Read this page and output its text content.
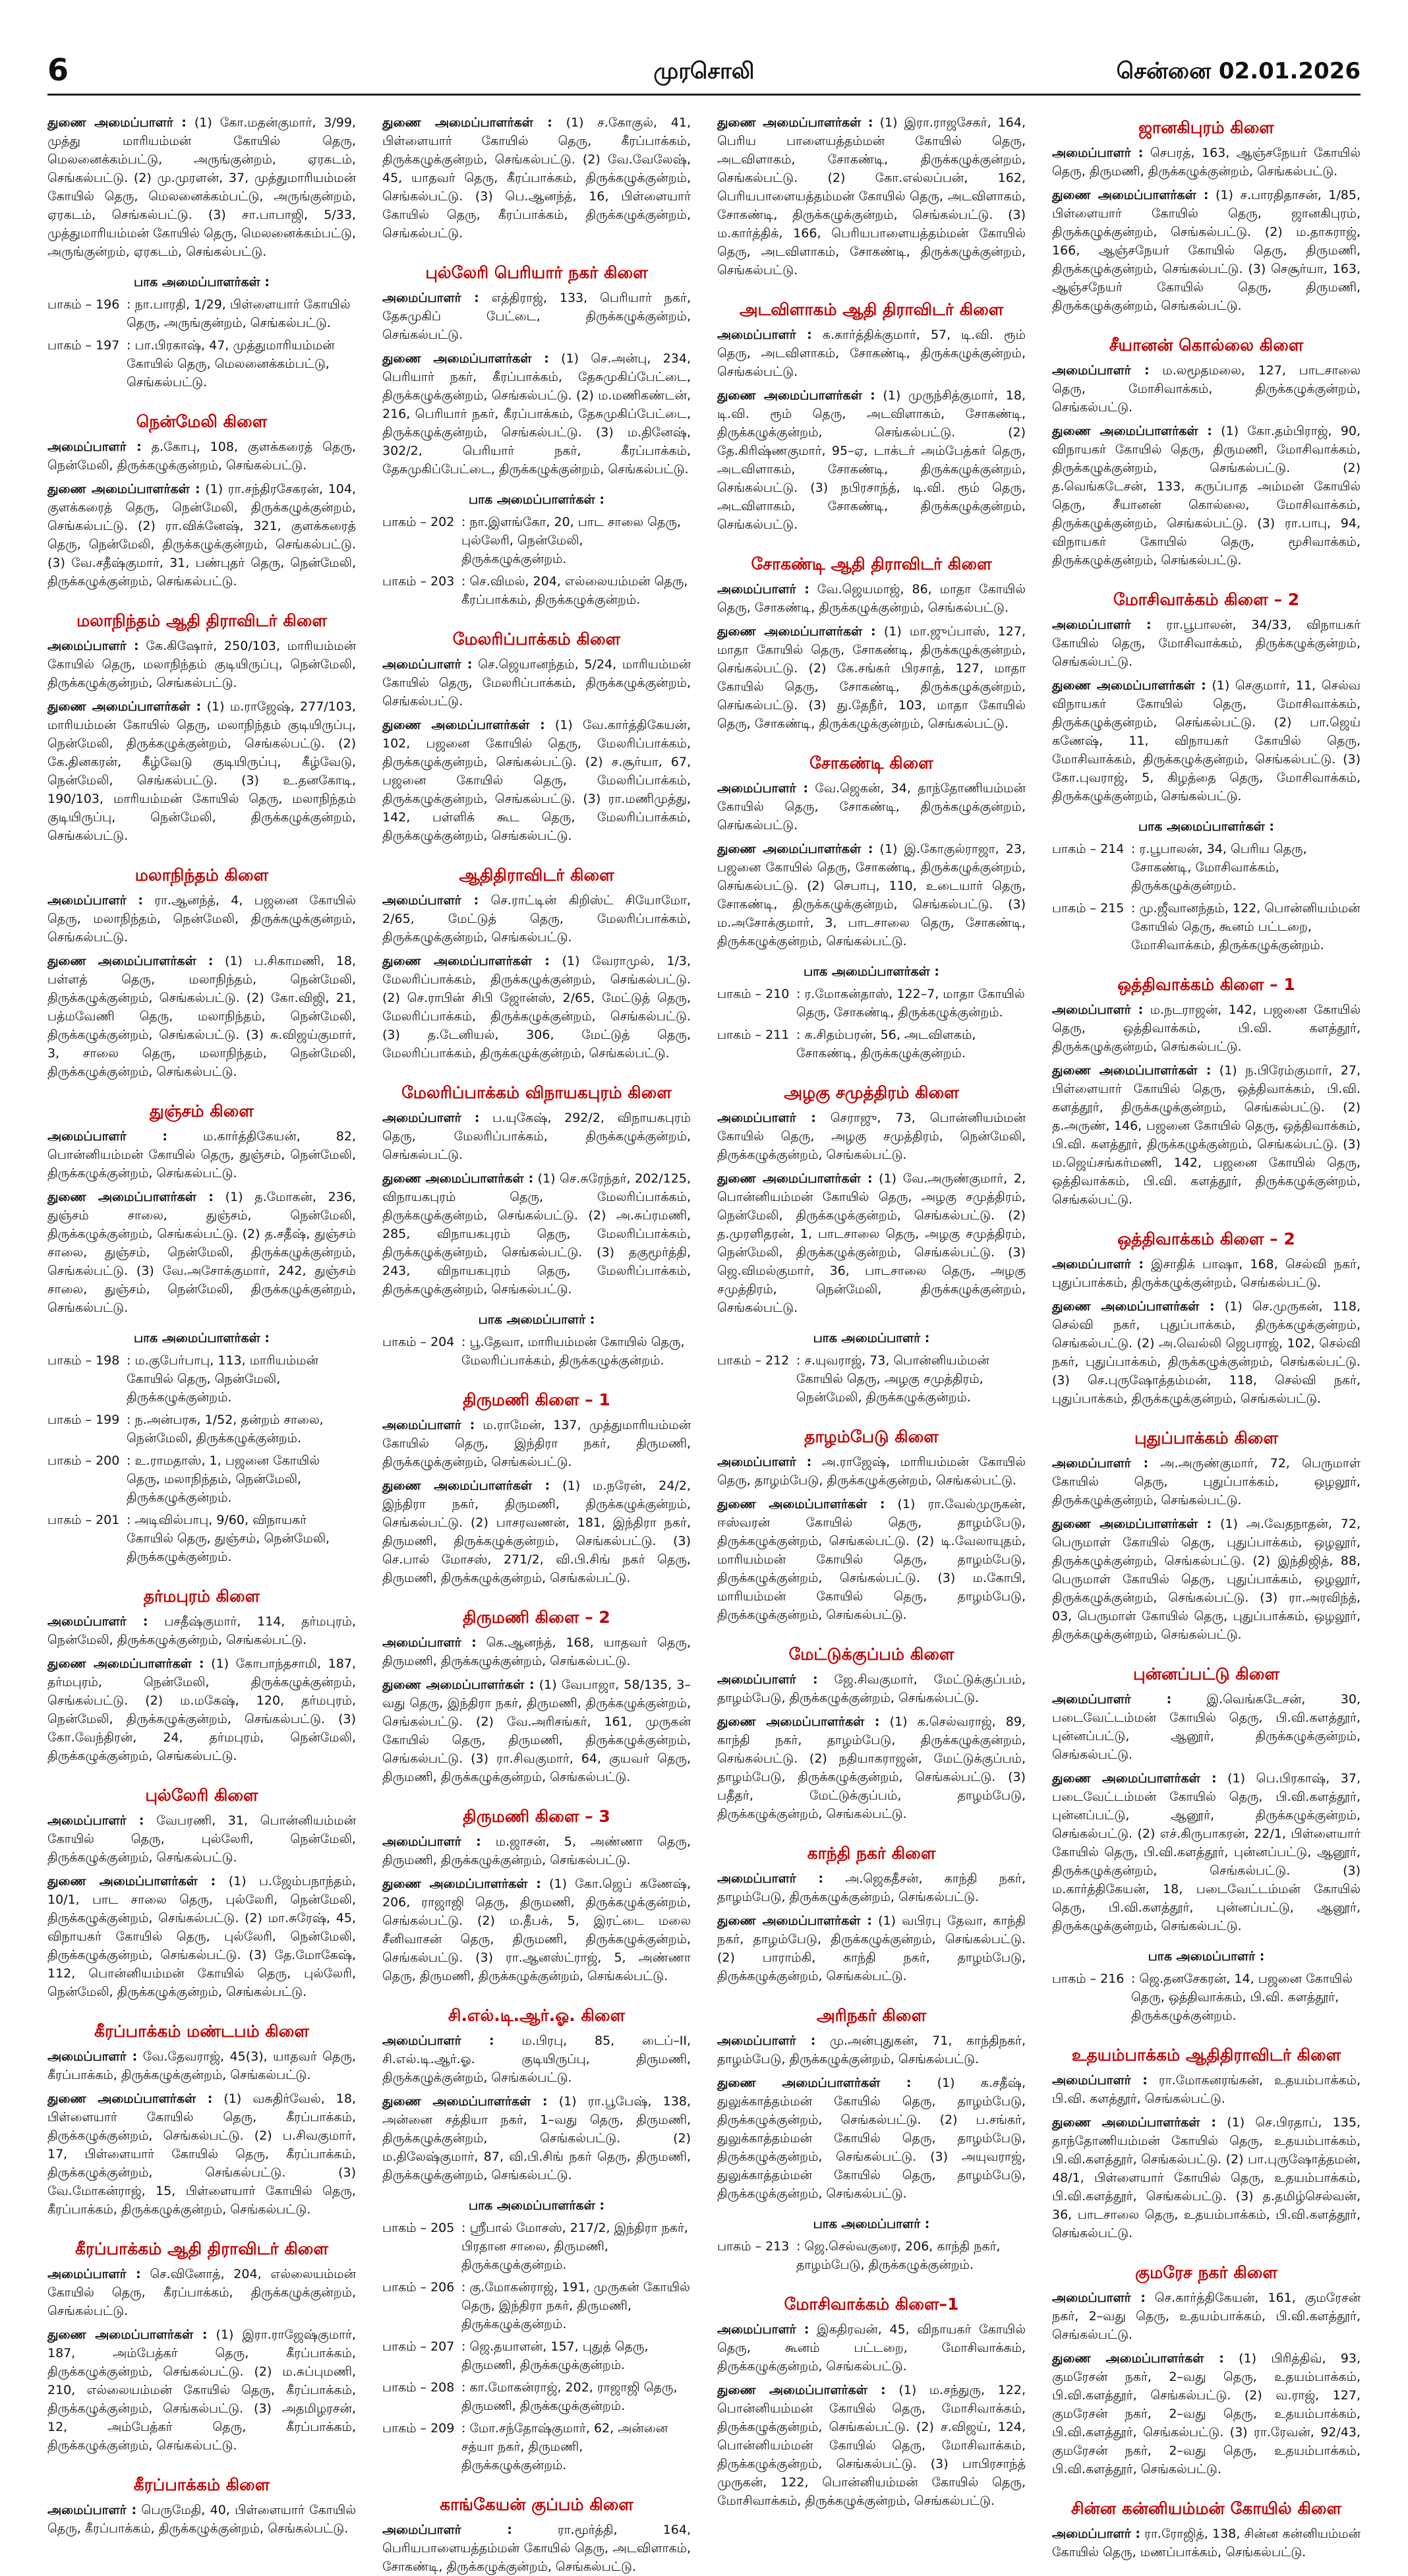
6	முரசொலி	சென்னை 02.01.2026
துணை அமைப்பாளர் : (1) கோ.மதன்குமார், 3/99, முத்து மாரியம்மன் கோயில் தெரு, மெலனைக்கம்பட்டு, அருங்குன்றம், ஏரகடம், செங்கல்பட்டு. (2) மு.முரளன், 37, முத்துமாரியம்மன் கோயில் தெரு, மெலனைக்கம்பட்டு, அருங்குன்றம், ஏரகடம், செங்கல்பட்டு. (3) சா.பாபாஜி, 5/33, முத்துமாரியம்மன் கோயில் தெரு, மெலனைக்கம்பட்டு, அருங்குன்றம், ஏரகடம், செங்கல்பட்டு.
பாக அமைப்பாளர்கள் :
பாகம் – 196 : நா.பாரதி, 1/29, பிள்ளையார் கோயில் தெரு, அருங்குன்றம், செங்கல்பட்டு.
பாகம் – 197 : பா.பிரகாஷ், 47, முத்துமாரியம்மன் கோயில் தெரு, மெலனைக்கம்பட்டு, செங்கல்பட்டு.
நென்மேலி கிளை
அமைப்பாளர் : த.கோபு, 108, குளக்கரைத் தெரு, நென்மேலி, திருக்கழுக்குன்றம், செங்கல்பட்டு.
துணை அமைப்பாளர்கள் : (1) ரா.சந்திரசேகரன், 104, குளக்கரைத் தெரு, நென்மேலி, திருக்கழுக்குன்றம், செங்கல்பட்டு. (2) ரா.விக்னேஷ், 321, குளக்கரைத் தெரு, நென்மேலி, திருக்கழுக்குன்றம், செங்கல்பட்டு. (3) வே.சதீஷ்குமார், 31, பண்புதர் தெரு, நென்மேலி, திருக்கழுக்குன்றம், செங்கல்பட்டு.
மலாநிந்தம் ஆதி திராவிடர் கிளை
அமைப்பாளர் : கே.கிஷோர், 250/103, மாரியம்மன் கோயில் தெரு, மலாநிந்தம் குடியிருப்பு, நென்மேலி, திருக்கழுக்குன்றம், செங்கல்பட்டு.
துணை அமைப்பாளர்கள் : (1) ம.ராஜேஷ், 277/103, மாரியம்மன் கோயில் தெரு, மலாநிந்தம் குடியிருப்பு, நென்மேலி, திருக்கழுக்குன்றம், செங்கல்பட்டு. (2) கே.தினகரன், கீழ்வேடு குடியிருப்பு, கீழ்வேடு, நென்மேலி, செங்கல்பட்டு. (3) உ.தனகோடி, 190/103, மாரியம்மன் கோயில் தெரு, மலாநிந்தம் குடியிருப்பு, நென்மேலி, திருக்கழுக்குன்றம், செங்கல்பட்டு.
மலாநிந்தம் கிளை
அமைப்பாளர் : ரா.ஆனந்த், 4, பஜனை கோயில் தெரு, மலாநிந்தம், நென்மேலி, திருக்கழுக்குன்றம், செங்கல்பட்டு.
துணை அமைப்பாளர்கள் : (1) ப.சிகாமணி, 18, பள்ளத் தெரு, மலாநிந்தம், நென்மேலி, திருக்கழுக்குன்றம், செங்கல்பட்டு. (2) கோ.விஜி, 21, பத்மவேணி தெரு, மலாநிந்தம், நென்மேலி, திருக்கழுக்குன்றம், செங்கல்பட்டு. (3) சு.விஜய்குமார், 3, சாலை தெரு, மலாநிந்தம், நென்மேலி, திருக்கழுக்குன்றம், செங்கல்பட்டு.
துஞ்சம் கிளை
அமைப்பாளர் :	ம.கார்த்திகேயன், 82, பொன்னியம்மன் கோயில் தெரு, துஞ்சம், நென்மேலி, திருக்கழுக்குன்றம், செங்கல்பட்டு.
துணை அமைப்பாளர்கள் : (1) த.மோகன், 236, துஞ்சம் சாலை, துஞ்சம், நென்மேலி, திருக்கழுக்குன்றம், செங்கல்பட்டு. (2) த.சதீஷ், துஞ்சம் சாலை, துஞ்சம், நென்மேலி, திருக்கழுக்குன்றம், செங்கல்பட்டு. (3) வே.அசோக்குமார், 242, துஞ்சம் சாலை, துஞ்சம், நென்மேலி, திருக்கழுக்குன்றம், செங்கல்பட்டு.
பாக அமைப்பாளர்கள் :
பாகம் – 198 : ம.குபேர்பாபு, 113, மாரியம்மன் கோயில் தெரு, நென்மேலி, திருக்கழுக்குன்றம்.
பாகம் – 199 : ந.அன்பரசு, 1/52, தன்றம் சாலை, நென்மேலி, திருக்கழுக்குன்றம்.
பாகம் – 200 : உ.ராமதாஸ், 1, பஜனை கோயில் தெரு, மலாநிந்தம், நென்மேலி, திருக்கழுக்குன்றம்.
பாகம் – 201 : அடிவில்பாபு, 9/60, விநாயகர் கோயில் தெரு, துஞ்சம், நென்மேலி, திருக்கழுக்குன்றம்.
தர்மபுரம் கிளை
அமைப்பாளர் : பசதீஷ்குமார், 114, தர்மபுரம், நென்மேலி, திருக்கழுக்குன்றம், செங்கல்பட்டு.
துணை அமைப்பாளர்கள் : (1) கோபாந்தசாமி, 187, தர்மபுரம், நென்மேலி, திருக்கழுக்குன்றம், செங்கல்பட்டு. (2) ம.மகேஷ், 120, தர்மபுரம், நென்மேலி, திருக்கழுக்குன்றம், செங்கல்பட்டு. (3) கோ.வேந்திரன், 24, தர்மபுரம், நென்மேலி, திருக்கழுக்குன்றம், செங்கல்பட்டு.
புல்லேரி கிளை
அமைப்பாளர் : வேபரணி, 31, பொன்னியம்மன் கோயில் தெரு, புல்லேரி, நென்மேலி, திருக்கழுக்குன்றம், செங்கல்பட்டு.
துணை அமைப்பாளர்கள் : (1) ப.ஜேம்பநாந்தம், 10/1, பாட சாலை தெரு, புல்லேரி, நென்மேலி, திருக்கழுக்குன்றம், செங்கல்பட்டு. (2) மா.சுரேஷ், 45, விநாயகர் கோயில் தெரு, புல்லேரி, நென்மேலி, திருக்கழுக்குன்றம், செங்கல்பட்டு. (3) தே.மோகேஷ், 112, பொன்னியம்மன் கோயில் தெரு, புல்லேரி, நென்மேலி, திருக்கழுக்குன்றம், செங்கல்பட்டு.
கீரப்பாக்கம் மண்டபம் கிளை
அமைப்பாளர் : வே.தேவராஜ், 45(3), யாதவர் தெரு, கீரப்பாக்கம், திருக்கழுக்குன்றம், செங்கல்பட்டு.
துணை அமைப்பாளர்கள் : (1) வசுதிர்வேல், 18, பிள்ளையார் கோயில் தெரு, கீரப்பாக்கம், திருக்கழுக்குன்றம், செங்கல்பட்டு. (2) ப.சிவகுமார், 17, பிள்ளையார் கோயில் தெரு, கீரப்பாக்கம், திருக்கழுக்குன்றம், செங்கல்பட்டு. (3) வே.மோகன்ராஜ், 15, பிள்ளையார் கோயில் தெரு, கீரப்பாக்கம், திருக்கழுக்குன்றம், செங்கல்பட்டு.
கீரப்பாக்கம் ஆதி திராவிடர் கிளை
அமைப்பாளர் : செ.வினோத், 204, எல்லையம்மன் கோயில் தெரு, கீரப்பாக்கம், திருக்கழுக்குன்றம், செங்கல்பட்டு.
துணை அமைப்பாளர்கள் : (1) இரா.ராஜேஷ்குமார், 187, அம்பேத்கர் தெரு, கீரப்பாக்கம், திருக்கழுக்குன்றம், செங்கல்பட்டு. (2) ம.சுப்புமணி, 210, எல்லையம்மன் கோயில் தெரு, கீரப்பாக்கம், திருக்கழுக்குன்றம், செங்கல்பட்டு. (3) அதமிழரசன், 12, அம்பேத்கர் தெரு, கீரப்பாக்கம், திருக்கழுக்குன்றம், செங்கல்பட்டு.
கீரப்பாக்கம் கிளை
அமைப்பாளர் : பெருமேதி, 40, பிள்ளையார் கோயில் தெரு, கீரப்பாக்கம், திருக்கழுக்குன்றம், செங்கல்பட்டு.
துணை அமைப்பாளர்கள் : (1) ச.கோகுல், 41, பிள்ளையார் கோயில் தெரு, கீரப்பாக்கம், திருக்கழுக்குன்றம், செங்கல்பட்டு. (2) வே.வேலேஷ், 45, யாதவர் தெரு, கீரப்பாக்கம், திருக்கழுக்குன்றம், செங்கல்பட்டு. (3) பெ.ஆனந்த், 16, பிள்ளையார் கோயில் தெரு, கீரப்பாக்கம், திருக்கழுக்குன்றம், செங்கல்பட்டு.
புல்லேரி பெரியார் நகர் கிளை
அமைப்பாளர் : எத்திராஜ், 133, பெரியார் நகர், தேசுமுகிப் பேட்டை, திருக்கழுக்குன்றம், செங்கல்பட்டு.
துணை அமைப்பாளர்கள் : (1) செ.அன்பு, 234, பெரியார் நகர், கீரப்பாக்கம், தேசுமுகிப்பேட்டை, திருக்கழுக்குன்றம், செங்கல்பட்டு. (2) ம.மணிகண்டன், 216, பெரியார் நகர், கீரப்பாக்கம், தேசுமுகிப்பேட்டை, திருக்கழுக்குன்றம், செங்கல்பட்டு. (3) ம.தினேஷ், 302/2, பெரியார் நகர், கீரப்பாக்கம், தேசுமுகிப்பேட்டை, திருக்கழுக்குன்றம், செங்கல்பட்டு.
பாக அமைப்பாளர்கள் :
பாகம் – 202 : நா.இளங்கோ, 20, பாட சாலை தெரு, புல்லேரி, நென்மேலி, திருக்கழுக்குன்றம்.
பாகம் – 203 : செ.விமல், 204, எல்லையம்மன் தெரு, கீரப்பாக்கம், திருக்கழுக்குன்றம்.
மேலரிப்பாக்கம் கிளை
அமைப்பாளர் : செ.ஜெயானந்தம், 5/24, மாரியம்மன் கோயில் தெரு, மேலரிப்பாக்கம், திருக்கழுக்குன்றம், செங்கல்பட்டு.
துணை அமைப்பாளர்கள் : (1) வே.கார்த்திகேயன், 102, பஜனை கோயில் தெரு, மேலரிப்பாக்கம், திருக்கழுக்குன்றம், செங்கல்பட்டு. (2) ச.சூர்யா, 67, பஜனை கோயில் தெரு, மேலரிப்பாக்கம், திருக்கழுக்குன்றம், செங்கல்பட்டு. (3) ரா.மணிமுத்து, 142, பள்ளிக் கூட தெரு, மேலரிப்பாக்கம், திருக்கழுக்குன்றம், செங்கல்பட்டு.
ஆதிதிராவிடர் கிளை
அமைப்பாளர் : செ.ராட்டின் கிறிஸ்ட் சியோமோ, 2/65, மேட்டுத் தெரு, மேலரிப்பாக்கம், திருக்கழுக்குன்றம், செங்கல்பட்டு.
துணை அமைப்பாளர்கள் : (1) வேராமுல், 1/3, மேலரிப்பாக்கம், திருக்கழுக்குன்றம், செங்கல்பட்டு. (2) செ.ராபின் சிபி ஜோன்ஸ், 2/65, மேட்டுத் தெரு, மேலரிப்பாக்கம், திருக்கழுக்குன்றம், செங்கல்பட்டு. (3) த.டேனியல், 306, மேட்டுத் தெரு, மேலரிப்பாக்கம், திருக்கழுக்குன்றம், செங்கல்பட்டு.
மேலரிப்பாக்கம் விநாயகபுரம் கிளை
அமைப்பாளர் : ப.யுகேஷ், 292/2, விநாயகபுரம் தெரு, மேலரிப்பாக்கம், திருக்கழுக்குன்றம், செங்கல்பட்டு.
துணை அமைப்பாளர்கள் : (1) செ.சுரேந்தர், 202/125, விநாயகபுரம் தெரு, மேலரிப்பாக்கம், திருக்கழுக்குன்றம், செங்கல்பட்டு. (2) அ.சுப்ரமணி, 285, விநாயகபுரம் தெரு, மேலரிப்பாக்கம், திருக்கழுக்குன்றம், செங்கல்பட்டு. (3) தகுமூர்த்தி, 243, விநாயகபுரம் தெரு, மேலரிப்பாக்கம், திருக்கழுக்குன்றம், செங்கல்பட்டு.
பாக அமைப்பாளர் :
பாகம் – 204 : பூ.தேவா, மாரியம்மன் கோயில் தெரு, மேலரிப்பாக்கம், திருக்கழுக்குன்றம்.
திருமணி கிளை – 1
அமைப்பாளர் : ம.ராமேன், 137, முத்துமாரியம்மன் கோயில் தெரு, இந்திரா நகர், திருமணி, திருக்கழுக்குன்றம், செங்கல்பட்டு.
துணை அமைப்பாளர்கள் : (1) ம.நரேன், 24/2, இந்திரா நகர், திருமணி, திருக்கழுக்குன்றம், செங்கல்பட்டு. (2) பாசரவணன், 181, இந்திரா நகர், திருமணி, திருக்கழுக்குன்றம், செங்கல்பட்டு. (3) செ.பால் மோசஸ், 271/2, வி.பி.சிங் நகர் தெரு, திருமணி, திருக்கழுக்குன்றம், செங்கல்பட்டு.
திருமணி கிளை – 2
அமைப்பாளர் : கெ.ஆனந்த், 168, யாதவர் தெரு, திருமணி, திருக்கழுக்குன்றம், செங்கல்பட்டு.
துணை அமைப்பாளர்கள் : (1) வேபாஜா, 58/135, 3–வது தெரு, இந்திரா நகர், திருமணி, திருக்கழுக்குன்றம், செங்கல்பட்டு. (2) வே.அரிசங்கர், 161, முருகன் கோயில் தெரு, திருமணி, திருக்கழுக்குன்றம், செங்கல்பட்டு. (3) ரா.சிவகுமார், 64, குயவர் தெரு, திருமணி, திருக்கழுக்குன்றம், செங்கல்பட்டு.
திருமணி கிளை – 3
அமைப்பாளர் : ம.ஜாசன், 5, அண்ணா தெரு, திருமணி, திருக்கழுக்குன்றம், செங்கல்பட்டு.
துணை அமைப்பாளர்கள் : (1) கோ.ஜெப் கணேஷ், 206, ராஜாஜி தெரு, திருமணி, திருக்கழுக்குன்றம், செங்கல்பட்டு. (2) ம.தீபக், 5, இரட்டை மலை சீனிவாசன் தெரு, திருமணி, திருக்கழுக்குன்றம், செங்கல்பட்டு. (3) ரா.ஆனஸ்ட்ராஜ், 5, அண்ணா தெரு, திருமணி, திருக்கழுக்குன்றம், செங்கல்பட்டு.
சி.எல்.டி.ஆர்.ஓ. கிளை
அமைப்பாளர் : ம.பிரபு, 85, டைப்–II, சி.எல்.டி.ஆர்.ஓ. குடியிருப்பு, திருமணி, திருக்கழுக்குன்றம், செங்கல்பட்டு.
துணை அமைப்பாளர்கள் : (1) ரா.பூபேஷ், 138, அன்னை சத்தியா நகர், 1–வது தெரு, திருமணி, திருக்கழுக்குன்றம், செங்கல்பட்டு. (2) ம.திலேஷ்குமார், 87, வி.பி.சிங் நகர் தெரு, திருமணி, திருக்கழுக்குன்றம், செங்கல்பட்டு.
பாக அமைப்பாளர்கள் :
பாகம் – 205 : ஸ்ரீபால் மோசஸ், 217/2, இந்திரா நகர், பிரதான சாலை, திருமணி, திருக்கழுக்குன்றம்.
பாகம் – 206 : கு.மோகன்ராஜ், 191, முருகன் கோயில் தெரு, இந்திரா நகர், திருமணி, திருக்கழுக்குன்றம்.
பாகம் – 207 : ஜெ.தயாளன், 157, புதுத் தெரு, திருமணி, திருக்கழுக்குன்றம்.
பாகம் – 208 : கா.மோகன்ராஜ், 202, ராஜாஜி தெரு, திருமணி, திருக்கழுக்குன்றம்.
பாகம் – 209 : மோ.சந்தோஷ்குமார், 62, அன்னை சத்யா நகர், திருமணி, திருக்கழுக்குன்றம்.
காங்கேயன் குப்பம் கிளை
அமைப்பாளர் :	ரா.மூர்த்தி, 164, பெரியபாளையத்தம்மன் கோயில் தெரு, அடவிளாகம், சோகண்டி, திருக்கழுக்குன்றம், செங்கல்பட்டு.
துணை அமைப்பாளர்கள் : (1) இரா.ராஜசேகர், 164, பெரிய பாளையத்தம்மன் கோயில் தெரு, அடவிளாகம், சோகண்டி, திருக்கழுக்குன்றம், செங்கல்பட்டு. (2) கோ.எல்லப்பன், 162, பெரியபாளையத்தம்மன் கோயில் தெரு, அடவிளாகம், சோகண்டி, திருக்கழுக்குன்றம், செங்கல்பட்டு. (3) ம.கார்த்திக், 166, பெரியபாளையத்தம்மன் கோயில் தெரு, அடவிளாகம், சோகண்டி, திருக்கழுக்குன்றம், செங்கல்பட்டு.
அடவிளாகம் ஆதி திராவிடர் கிளை
அமைப்பாளர் : க.கார்த்திக்குமார், 57, டி.வி. ரூம் தெரு, அடவிளாகம், சோகண்டி, திருக்கழுக்குன்றம், செங்கல்பட்டு.
துணை அமைப்பாளர்கள் : (1) முருந்சித்குமார், 18, டி.வி. ரூம் தெரு, அடவிளாகம், சோகண்டி, திருக்கழுக்குன்றம், செங்கல்பட்டு. (2) தே.கிரிஷ்ணகுமார், 95–ஏ, டாக்டர் அம்பேத்கர் தெரு, அடவிளாகம், சோகண்டி, திருக்கழுக்குன்றம், செங்கல்பட்டு. (3) நபிரசாந்த், டி.வி. ரூம் தெரு, அடவிளாகம், சோகண்டி, திருக்கழுக்குன்றம், செங்கல்பட்டு.
சோகண்டி ஆதி திராவிடர் கிளை
அமைப்பாளர் : வே.ஜெயமாஜ், 86, மாதா கோயில் தெரு, சோகண்டி, திருக்கழுக்குன்றம், செங்கல்பட்டு.
துணை அமைப்பாளர்கள் : (1) மா.ஜுப்பாஸ், 127, மாதா கோயில் தெரு, சோகண்டி, திருக்கழுக்குன்றம், செங்கல்பட்டு. (2) கே.சங்கர் பிரசாத், 127, மாதா கோயில் தெரு, சோகண்டி, திருக்கழுக்குன்றம், செங்கல்பட்டு. (3) து.தேநீர், 103, மாதா கோயில் தெரு, சோகண்டி, திருக்கழுக்குன்றம், செங்கல்பட்டு.
சோகண்டி கிளை
அமைப்பாளர் : வே.ஜெகன், 34, தாந்தோணியம்மன் கோயில் தெரு, சோகண்டி, திருக்கழுக்குன்றம், செங்கல்பட்டு.
துணை அமைப்பாளர்கள் : (1) இ.கோகுல்ராஜா, 23, பஜனை கோயில் தெரு, சோகண்டி, திருக்கழுக்குன்றம், செங்கல்பட்டு. (2) செபாபு, 110, உடையார் தெரு, சோகண்டி, திருக்கழுக்குன்றம், செங்கல்பட்டு. (3) ம.அசோக்குமார், 3, பாடசாலை தெரு, சோகண்டி, திருக்கழுக்குன்றம், செங்கல்பட்டு.
பாக அமைப்பாளர்கள் :
பாகம் – 210 : ர.மோகன்தாஸ், 122–7, மாதா கோயில் தெரு, சோகண்டி, திருக்கழுக்குன்றம்.
பாகம் – 211 : க.சிதம்பரன், 56, அடவிளகம், சோகண்டி, திருக்கழுக்குன்றம்.
அழகு சமுத்திரம் கிளை
அமைப்பாளர் : செராஜு, 73, பொன்னியம்மன் கோயில் தெரு, அழகு சமுத்திரம், நென்மேலி, திருக்கழுக்குன்றம், செங்கல்பட்டு.
துணை அமைப்பாளர்கள் : (1) வே.அருண்குமார், 2, பொன்னியம்மன் கோயில் தெரு, அழகு சமுத்திரம், நென்மேலி, திருக்கழுக்குன்றம், செங்கல்பட்டு. (2) த.முரளிதரன், 1, பாடசாலை தெரு, அழகு சமுத்திரம், நென்மேலி, திருக்கழுக்குன்றம், செங்கல்பட்டு. (3) ஜெ.விமல்குமார், 36, பாடசாலை தெரு, அழகு சமுத்திரம், நென்மேலி, திருக்கழுக்குன்றம், செங்கல்பட்டு.
பாக அமைப்பாளர் :
பாகம் – 212 : ச.யுவராஜ், 73, பொன்னியம்மன் கோயில் தெரு, அழகு சமுத்திரம், நென்மேலி, திருக்கழுக்குன்றம்.
தாழம்பேடு கிளை
அமைப்பாளர் : அ.ராஜேஷ், மாரியம்மன் கோயில் தெரு, தாழம்பேடு, திருக்கழுக்குன்றம், செங்கல்பட்டு.
துணை அமைப்பாளர்கள் : (1) ரா.வேல்முருகன், ஈஸ்வரன் கோயில் தெரு, தாழம்பேடு, திருக்கழுக்குன்றம், செங்கல்பட்டு. (2) டி.வேலாயுதம், மாரியம்மன் கோயில் தெரு, தாழம்பேடு, திருக்கழுக்குன்றம், செங்கல்பட்டு. (3) ம.கோபி, மாரியம்மன் கோயில் தெரு, தாழம்பேடு, திருக்கழுக்குன்றம், செங்கல்பட்டு.
மேட்டுக்குப்பம் கிளை
அமைப்பாளர் : ஜே.சிவகுமார், மேட்டுக்குப்பம், தாழம்பேடு, திருக்கழுக்குன்றம், செங்கல்பட்டு.
துணை அமைப்பாளர்கள் : (1) க.செல்வராஜ், 89, காந்தி நகர், தாழம்பேடு, திருக்கழுக்குன்றம், செங்கல்பட்டு. (2) நதியாகராஜன், மேட்டுக்குப்பம், தாழம்பேடு, திருக்கழுக்குன்றம், செங்கல்பட்டு. (3) பதீதர், மேட்டுக்குப்பம், தாழம்பேடு, திருக்கழுக்குன்றம், செங்கல்பட்டு.
காந்தி நகர் கிளை
அமைப்பாளர் : அ.ஜெகதீசன், காந்தி நகர், தாழம்பேடு, திருக்கழுக்குன்றம், செங்கல்பட்டு.
துணை அமைப்பாளர்கள் : (1) வபிரபு தேவா, காந்தி நகர், தாழம்பேடு, திருக்கழுக்குன்றம், செங்கல்பட்டு. (2) பாராம்கி, காந்தி நகர், தாழம்பேடு, திருக்கழுக்குன்றம், செங்கல்பட்டு.
அரிநகர் கிளை
அமைப்பாளர் : மு.அன்புதுகன், 71, காந்திநகர், தாழம்பேடு, திருக்கழுக்குன்றம், செங்கல்பட்டு.
துணை அமைப்பாளர்கள் : (1) க.சதீஷ், துலுக்காத்தம்மன் கோயில் தெரு, தாழம்பேடு, திருக்கழுக்குன்றம், செங்கல்பட்டு. (2) ப.சங்கர், துலுக்காத்தம்மன் கோயில் தெரு, தாழம்பேடு, திருக்கழுக்குன்றம், செங்கல்பட்டு. (3) அயுவராஜ், துலுக்காத்தம்மன் கோயில் தெரு, தாழம்பேடு, திருக்கழுக்குன்றம், செங்கல்பட்டு.
பாக அமைப்பாளர் :
பாகம் – 213 : ஜெ.செல்வகுரை, 206, காந்தி நகர், தாழம்பேடு, திருக்கழுக்குன்றம்.
மோசிவாக்கம் கிளை–1
அமைப்பாளர் : இகதிரவன், 45, விநாயகர் கோயில் தெரு, கூனம் பட்டறை, மோசிவாக்கம், திருக்கழுக்குன்றம், செங்கல்பட்டு.
துணை அமைப்பாளர்கள் : (1) ம.சந்துரு, 122, பொன்னியம்மன் கோயில் தெரு, மோசிவாக்கம், திருக்கழுக்குன்றம், செங்கல்பட்டு. (2) ச.விஜய், 124, பொன்னியம்மன் கோயில் தெரு, மோசிவாக்கம், திருக்கழுக்குன்றம், செங்கல்பட்டு. (3) பாபிரசாந்த் முருகன், 122, பொன்னியம்மன் கோயில் தெரு, மோசிவாக்கம், திருக்கழுக்குன்றம், செங்கல்பட்டு.
ஜானகிபுரம் கிளை
அமைப்பாளர் : செபரத், 163, ஆஞ்சநேயர் கோயில் தெரு, திருமணி, திருக்கழுக்குன்றம், செங்கல்பட்டு.
துணை அமைப்பாளர்கள் : (1) ச.பாரதிதாசன், 1/85, பிள்ளையார் கோயில் தெரு, ஜானகிபுரம், திருக்கழுக்குன்றம், செங்கல்பட்டு. (2) ம.தாசுராஜ், 166, ஆஞ்சநேயர் கோயில் தெரு, திருமணி, திருக்கழுக்குன்றம், செங்கல்பட்டு. (3) செசூர்யா, 163, ஆஞ்சநேயர் கோயில் தெரு, திருமணி, திருக்கழுக்குன்றம், செங்கல்பட்டு.
சீயானன் கொல்லை கிளை
அமைப்பாளர் : ம.லமூதமலை, 127, பாடசாலை தெரு, மோசிவாக்கம், திருக்கழுக்குன்றம், செங்கல்பட்டு.
துணை அமைப்பாளர்கள் : (1) கோ.தம்பிராஜ், 90, விநாயகர் கோயில் தெரு, திருமணி, மோசிவாக்கம், திருக்கழுக்குன்றம், செங்கல்பட்டு. (2) த.வெங்கடேசன், 133, கருப்பாத அம்மன் கோயில் தெரு, சீயானன் கொல்லை, மோசிவாக்கம், திருக்கழுக்குன்றம், செங்கல்பட்டு. (3) ரா.பாபு, 94, விநாயகர் கோயில் தெரு, மூசிவாக்கம், திருக்கழுக்குன்றம், செங்கல்பட்டு.
மோசிவாக்கம் கிளை – 2
அமைப்பாளர் : ரா.பூபாலன், 34/33, விநாயகர் கோயில் தெரு, மோசிவாக்கம், திருக்கழுக்குன்றம், செங்கல்பட்டு.
துணை அமைப்பாளர்கள் : (1) செகுமார், 11, செல்வ விநாயகர் கோயில் தெரு, மோசிவாக்கம், திருக்கழுக்குன்றம், செங்கல்பட்டு. (2) பா.ஜெய் கணேஷ், 11, விநாயகர் கோயில் தெரு, மோசிவாக்கம், திருக்கழுக்குன்றம், செங்கல்பட்டு. (3) கோ.புவராஜ், 5, கிழத்தை தெரு, மோசிவாக்கம், திருக்கழுக்குன்றம், செங்கல்பட்டு.
பாக அமைப்பாளர்கள் :
பாகம் – 214 : ர.பூபாலன், 34, பெரிய தெரு, சோகண்டி, மோசிவாக்கம், திருக்கழுக்குன்றம்.
பாகம் – 215 : மு.ஜீவானந்தம், 122, பொன்னியம்மன் கோயில் தெரு, கூனம் பட்டறை, மோசிவாக்கம், திருக்கழுக்குன்றம்.
ஒத்திவாக்கம் கிளை – 1
அமைப்பாளர் : ம.நடராஜன், 142, பஜனை கோயில் தெரு, ஒத்திவாக்கம், பி.வி. களத்தூர், திருக்கழுக்குன்றம், செங்கல்பட்டு.
துணை அமைப்பாளர்கள் : (1) ந.பிரேம்குமார், 27, பிள்ளையார் கோயில் தெரு, ஒத்திவாக்கம், பி.வி. களத்தூர், திருக்கழுக்குன்றம், செங்கல்பட்டு. (2) த.அருண், 146, பஜனை கோயில் தெரு, ஒத்திவாக்கம், பி.வி. களத்தூர், திருக்கழுக்குன்றம், செங்கல்பட்டு. (3) ம.ஜெய்சங்கர்மணி, 142, பஜனை கோயில் தெரு, ஒத்திவாக்கம், பி.வி. களத்தூர், திருக்கழுக்குன்றம், செங்கல்பட்டு.
ஒத்திவாக்கம் கிளை – 2
அமைப்பாளர் : இசாதிக் பாஷா, 168, செல்வி நகர், புதுப்பாக்கம், திருக்கழுக்குன்றம், செங்கல்பட்டு.
துணை அமைப்பாளர்கள் : (1) செ.முருகன், 118, செல்வி நகர், புதுப்பாக்கம், திருக்கழுக்குன்றம், செங்கல்பட்டு. (2) அ.வெல்லி ஜெபராஜ், 102, செல்வி நகர், புதுப்பாக்கம், திருக்கழுக்குன்றம், செங்கல்பட்டு. (3) செ.புருஷோத்தம்மன், 118, செல்வி நகர், புதுப்பாக்கம், திருக்கழுக்குன்றம், செங்கல்பட்டு.
புதுப்பாக்கம் கிளை
அமைப்பாளர் : அ.அருண்குமார், 72, பெருமாள் கோயில் தெரு, புதுப்பாக்கம், ஒழலூர், திருக்கழுக்குன்றம், செங்கல்பட்டு.
துணை அமைப்பாளர்கள் : (1) அ.வேதநாதன், 72, பெருமாள் கோயில் தெரு, புதுப்பாக்கம், ஒழலூர், திருக்கழுக்குன்றம், செங்கல்பட்டு. (2) இந்திஜித், 88, பெருமாள் கோயில் தெரு, புதுப்பாக்கம், ஒழலூர், திருக்கழுக்குன்றம், செங்கல்பட்டு. (3) ரா.அரவிந்த், 03, பெருமாள் கோயில் தெரு, புதுப்பாக்கம், ஒழலூர், திருக்கழுக்குன்றம், செங்கல்பட்டு.
புன்னப்பட்டு கிளை
அமைப்பாளர் :	இ.வெங்கடேசன், 30, படைவேட்டம்மன் கோயில் தெரு, பி.வி.களத்தூர், புன்னப்பட்டு, ஆனூர், திருக்கழுக்குன்றம், செங்கல்பட்டு.
துணை அமைப்பாளர்கள் : (1) பெ.பிரகாஷ், 37, படைவேட்டம்மன் கோயில் தெரு, பி.வி.களத்தூர், புன்னப்பட்டு, ஆனூர், திருக்கழுக்குன்றம், செங்கல்பட்டு. (2) எச்.கிருபாகரன், 22/1, பிள்ளையார் கோயில் தெரு, பி.வி.களத்தூர், புன்னப்பட்டு, ஆனூர், திருக்கழுக்குன்றம், செங்கல்பட்டு. (3) ம.கார்த்திகேயன், 18, படைவேட்டம்மன் கோயில் தெரு, பி.வி.களத்தூர், புன்னப்பட்டு, ஆனூர், திருக்கழுக்குன்றம், செங்கல்பட்டு.
பாக அமைப்பாளர் :
பாகம் – 216 : ஜெ.தனசேகரன், 14, பஜனை கோயில் தெரு, ஒத்திவாக்கம், பி.வி. களத்தூர், திருக்கழுக்குன்றம்.
உதயம்பாக்கம் ஆதிதிராவிடர் கிளை
அமைப்பாளர் : ரா.மோகனரங்கன், உதயம்பாக்கம், பி.வி. களத்தூர், செங்கல்பட்டு.
துணை அமைப்பாளர்கள் : (1) செ.பிரதாப், 135, தாந்தோணியம்மன் கோயில் தெரு, உதயம்பாக்கம், பி.வி.களத்தூர், செங்கல்பட்டு. (2) பா.புருஷோத்தமன், 48/1, பிள்ளையார் கோயில் தெரு, உதயம்பாக்கம், பி.வி.களத்தூர், செங்கல்பட்டு. (3) த.தமிழ்செல்வன், 36, பாடசாலை தெரு, உதயம்பாக்கம், பி.வி.களத்தூர், செங்கல்பட்டு.
குமரேச நகர் கிளை
அமைப்பாளர் : செ.கார்த்திகேயன், 161, குமரேசன் நகர், 2–வது தெரு, உதயம்பாக்கம், பி.வி.களத்தூர், செங்கல்பட்டு.
துணை அமைப்பாளர்கள் : (1) பிரித்திவ், 93, குமரேசன் நகர், 2–வது தெரு, உதயம்பாக்கம், பி.வி.களத்தூர், செங்கல்பட்டு. (2) வ.ராஜ், 127, குமரேசன் நகர், 2–வது தெரு, உதயம்பாக்கம், பி.வி.களத்தூர், செங்கல்பட்டு. (3) ரா.ரேவன், 92/43, குமரேசன் நகர், 2–வது தெரு, உதயம்பாக்கம், பி.வி.களத்தூர், செங்கல்பட்டு.
சின்ன கன்னியம்மன் கோயில் கிளை
அமைப்பாளர் : ரா.ரோஜித், 138, சின்ன கன்னியம்மன் கோயில் தெரு, மணப்பாக்கம், செங்கல்பட்டு.
